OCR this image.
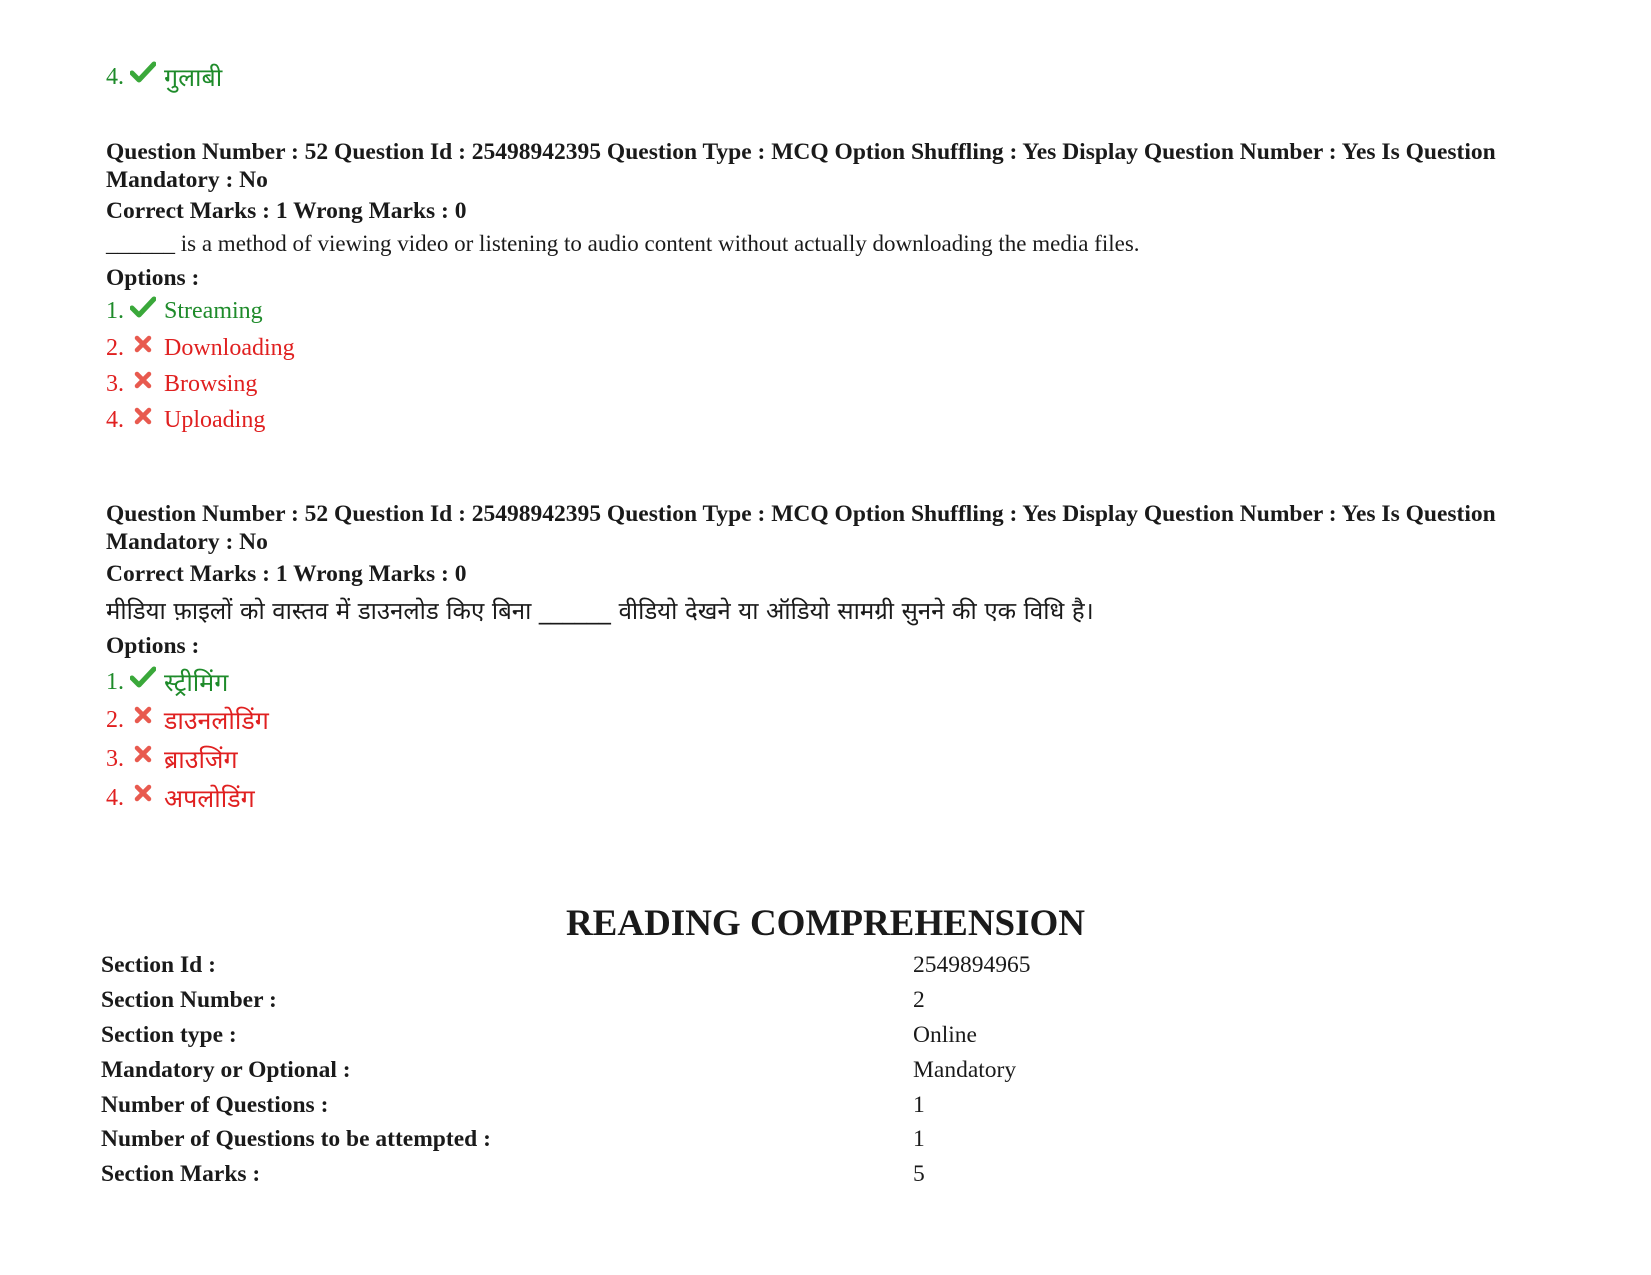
4. गुलाबी
Question Number : 52 Question Id : 25498942395 Question Type : MCQ Option Shuffling : Yes Display Question Number : Yes Is Question Mandatory : No
Correct Marks : 1 Wrong Marks : 0
______ is a method of viewing video or listening to audio content without actually downloading the media files.
Options :
1. Streaming
2. Downloading
3. Browsing
4. Uploading
Question Number : 52 Question Id : 25498942395 Question Type : MCQ Option Shuffling : Yes Display Question Number : Yes Is Question Mandatory : No
Correct Marks : 1 Wrong Marks : 0
मीडिया फ़ाइलों को वास्तव में डाउनलोड किए बिना ______ वीडियो देखने या ऑडियो सामग्री सुनने की एक विधि है।
Options :
1. स्ट्रीमिंग
2. डाउनलोडिंग
3. ब्राउजिंग
4. अपलोडिंग
READING COMPREHENSION
Section Id :	2549894965
Section Number :	2
Section type :	Online
Mandatory or Optional :	Mandatory
Number of Questions :	1
Number of Questions to be attempted :	1
Section Marks :	5
